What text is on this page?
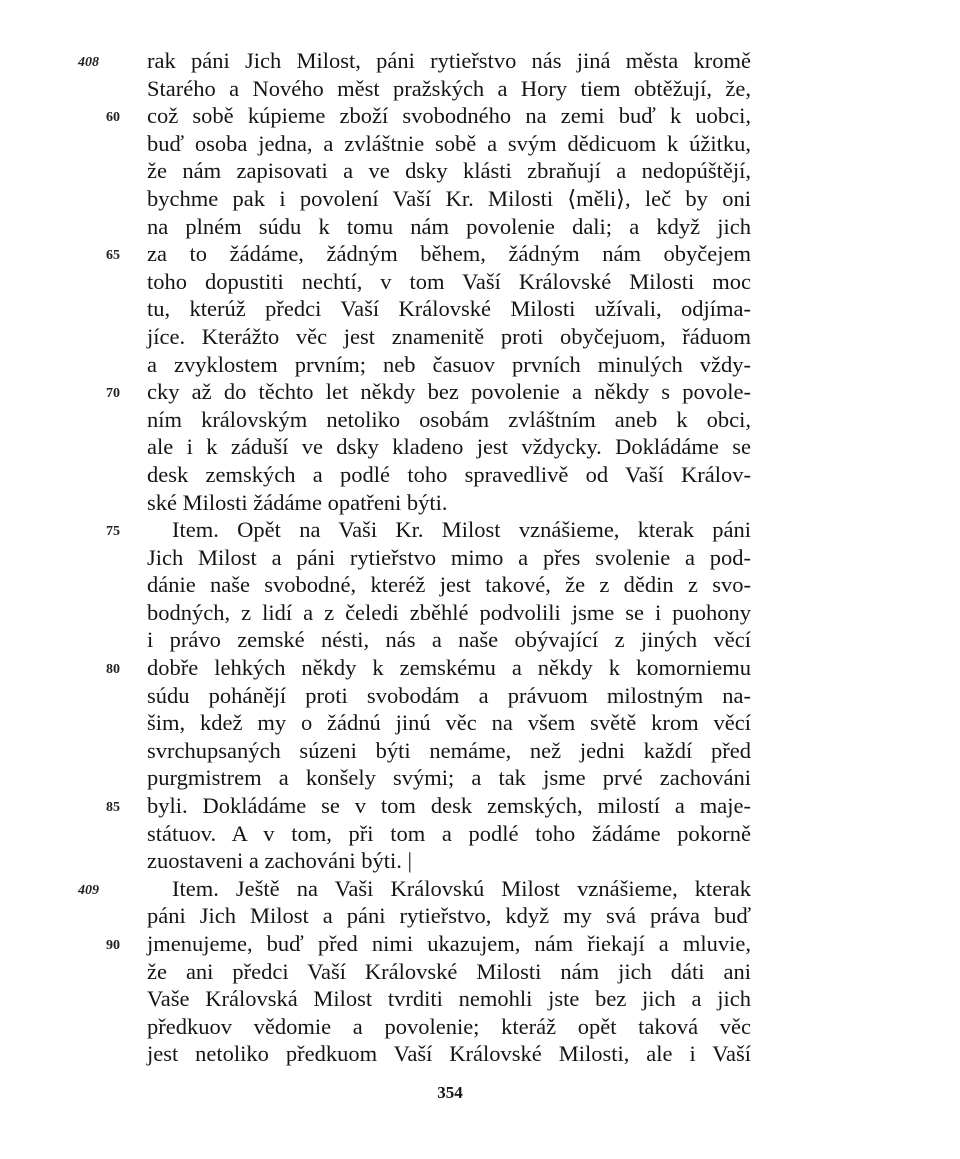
408	rak páni Jich Milost, páni rytieřstvo nás jiná města kromě
Starého a Nového měst pražských a Hory tiem obtěžují, že,
60	což sobě kúpieme zboží svobodného na zemi buď k uobci,
buď osoba jedna, a zvláštnie sobě a svým dědicuom k úžitku,
že nám zapisovati a ve dsky klásti zbraňují a nedopúštějí,
bychme pak i povolení Vaší Kr. Milosti ⟨měli⟩, leč by oni
na plném súdu k tomu nám povolenie dali; a když jich
65	za to žádáme, žádným během, žádným nám obyčejem
toho dopustiti nechtí, v tom Vaší Královské Milosti moc
tu, kterúž předci Vaší Královské Milosti užívali, odjíma-
jíce. Kterážto věc jest znamenitě proti obyčejuom, řáduom
a zvyklostem prvním; neb časuov prvních minulých vždy-
70	cky až do těchto let někdy bez povolenie a někdy s povole-
ním královským netoliko osobám zvláštním aneb k obci,
ale i k záduší ve dsky kladeno jest vždycky. Dokládáme se
desk zemských a podlé toho spravedlivě od Vaší Králov-
ské Milosti žádáme opatřeni býti.
75	Item. Opět na Vaši Kr. Milost vznášieme, kterak páni
Jich Milost a páni rytieřstvo mimo a přes svolenie a pod-
dánie naše svobodné, kteréž jest takové, že z dědin z svo-
bodných, z lidí a z čeledi zběhlé podvolili jsme se i puohony
i právo zemské nésti, nás a naše obývající z jiných věcí
80	dobře lehkých někdy k zemskému a někdy k komorniemu
súdu pohánějí proti svobodám a právuom milostným na-
šim, kdež my o žádnú jinú věc na všem světě krom věcí
svrchupsaných súzeni býti nemáme, než jedni každí před
purgmistrem a konšely svými; a tak jsme prvé zachováni
85	byli. Dokládáme se v tom desk zemských, milostí a maje-
státuov. A v tom, při tom a podlé toho žádáme pokorně
zuostaveni a zachováni býti. |
409	Item. Ještě na Vaši Královskú Milost vznášieme, kterak
páni Jich Milost a páni rytieřstvo, když my svá práva buď
90	jmenujeme, buď před nimi ukazujem, nám řiekají a mluvie,
že ani předci Vaší Královské Milosti nám jich dáti ani
Vaše Královská Milost tvrditi nemohli jste bez jich a jich
předkuov vědomie a povolenie; kteráž opět taková věc
jest netoliko předkuom Vaší Královské Milosti, ale i Vaší
354
